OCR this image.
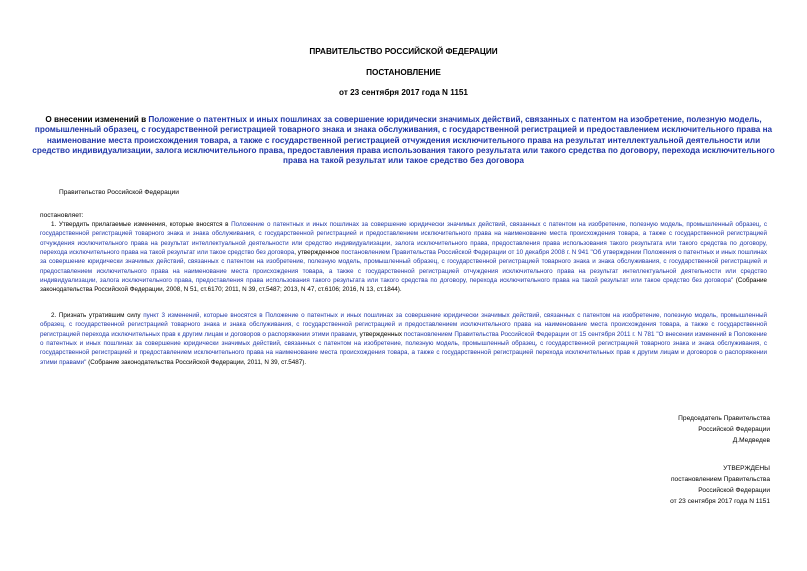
ПРАВИТЕЛЬСТВО РОССИЙСКОЙ ФЕДЕРАЦИИ
ПОСТАНОВЛЕНИЕ
от 23 сентября 2017 года N 1151
О внесении изменений в Положение о патентных и иных пошлинах за совершение юридически значимых действий, связанных с патентом на изобретение, полезную модель, промышленный образец, с государственной регистрацией товарного знака и знака обслуживания, с государственной регистрацией и предоставлением исключительного права на наименование места происхождения товара, а также с государственной регистрацией отчуждения исключительного права на результат интеллектуальной деятельности или средство индивидуализации, залога исключительного права, предоставления права использования такого результата или такого средства по договору, перехода исключительного права на такой результат или такое средство без договора
Правительство Российской Федерации
постановляет:
1. Утвердить прилагаемые изменения, которые вносятся в Положение о патентных и иных пошлинах за совершение юридически значимых действий, связанных с патентом на изобретение, полезную модель, промышленный образец, с государственной регистрацией товарного знака и знака обслуживания, с государственной регистрацией и предоставлением исключительного права на наименование места происхождения товара, а также с государственной регистрацией отчуждения исключительного права на результат интеллектуальной деятельности или средство индивидуализации, залога исключительного права, предоставления права использования такого результата или такого средства по договору, перехода исключительного права на такой результат или такое средство без договора, утвержденное постановлением Правительства Российской Федерации от 10 декабря 2008 г. N 941 "Об утверждении Положения о патентных и иных пошлинах за совершение юридически значимых действий, связанных с патентом на изобретение, полезную модель, промышленный образец, с государственной регистрацией товарного знака и знака обслуживания, с государственной регистрацией и предоставлением исключительного права на наименование места происхождения товара, а также с государственной регистрацией отчуждения исключительного права на результат интеллектуальной деятельности или средство индивидуализации, залога исключительного права, предоставления права использования такого результата или такого средства по договору, перехода исключительного права на такой результат или такое средство без договора" (Собрание законодательства Российской Федерации, 2008, N 51, ст.6170; 2011, N 39, ст.5487; 2013, N 47, ст.6106; 2016, N 13, ст.1844).
2. Признать утратившим силу пункт 3 изменений, которые вносятся в Положение о патентных и иных пошлинах за совершение юридически значимых действий, связанных с патентом на изобретение, полезную модель, промышленный образец, с государственной регистрацией товарного знака и знака обслуживания, с государственной регистрацией и предоставлением исключительного права на наименование места происхождения товара, а также с государственной регистрацией перехода исключительных прав к другим лицам и договоров о распоряжении этими правами, утвержденных постановлением Правительства Российской Федерации от 15 сентября 2011 г. N 781 "О внесении изменений в Положение о патентных и иных пошлинах за совершение юридически значимых действий, связанных с патентом на изобретение, полезную модель, промышленный образец, с государственной регистрацией товарного знака и знака обслуживания, с государственной регистрацией и предоставлением исключительного права на наименование места происхождения товара, а также с государственной регистрацией перехода исключительных прав к другим лицам и договоров о распоряжении этими правами" (Собрание законодательства Российской Федерации, 2011, N 39, ст.5487).
Председатель Правительства
Российской Федерации
Д.Медведев
УТВЕРЖДЕНЫ
постановлением Правительства
Российской Федерации
от 23 сентября 2017 года N 1151
